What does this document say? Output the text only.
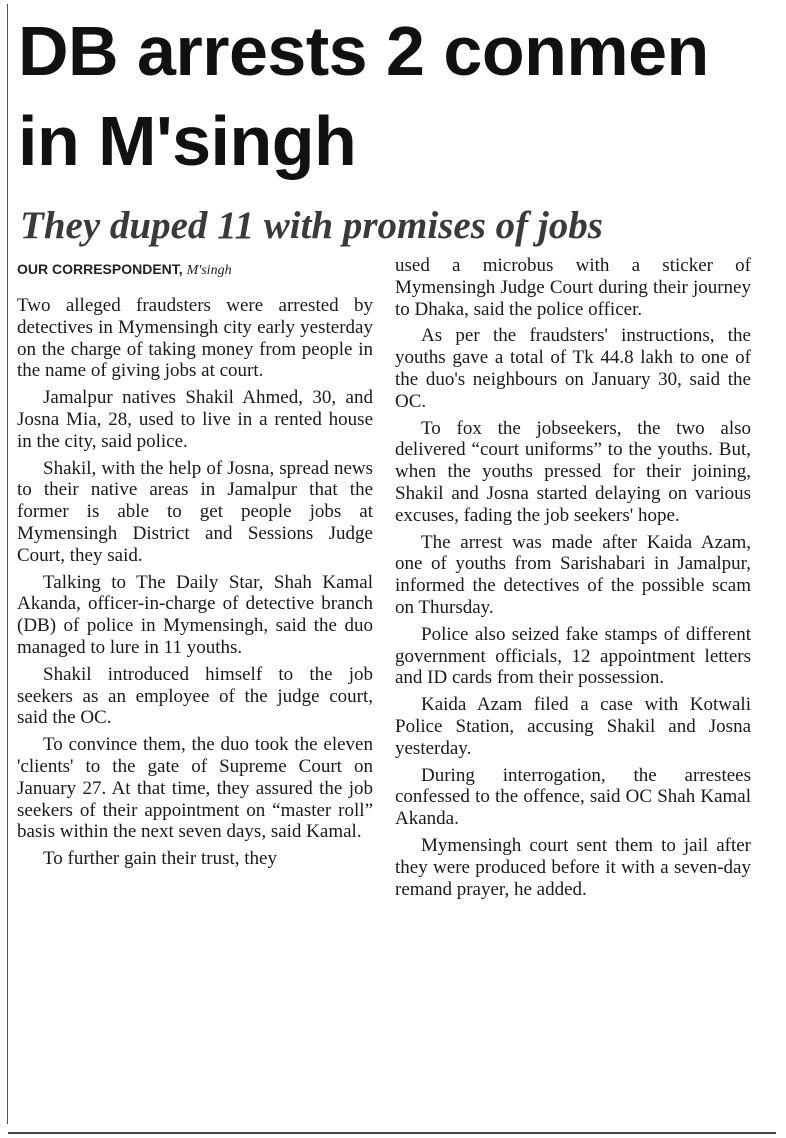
DB arrests 2 conmen in M'singh
They duped 11 with promises of jobs
OUR CORRESPONDENT, M'singh

Two alleged fraudsters were arrested by detectives in Mymensingh city early yesterday on the charge of taking money from people in the name of giving jobs at court.

Jamalpur natives Shakil Ahmed, 30, and Josna Mia, 28, used to live in a rented house in the city, said police.

Shakil, with the help of Josna, spread news to their native areas in Jamalpur that the former is able to get people jobs at Mymensingh District and Sessions Judge Court, they said.

Talking to The Daily Star, Shah Kamal Akanda, officer-in-charge of detective branch (DB) of police in Mymensingh, said the duo managed to lure in 11 youths.

Shakil introduced himself to the job seekers as an employee of the judge court, said the OC.

To convince them, the duo took the eleven 'clients' to the gate of Supreme Court on January 27. At that time, they assured the job seekers of their appointment on “master roll” basis within the next seven days, said Kamal.

To further gain their trust, they

used a microbus with a sticker of Mymensingh Judge Court during their journey to Dhaka, said the police officer.

As per the fraudsters' instructions, the youths gave a total of Tk 44.8 lakh to one of the duo's neighbours on January 30, said the OC.

To fox the jobseekers, the two also delivered “court uniforms” to the youths. But, when the youths pressed for their joining, Shakil and Josna started delaying on various excuses, fading the job seekers' hope.

The arrest was made after Kaida Azam, one of youths from Sarishabari in Jamalpur, informed the detectives of the possible scam on Thursday.

Police also seized fake stamps of different government officials, 12 appointment letters and ID cards from their possession.

Kaida Azam filed a case with Kotwali Police Station, accusing Shakil and Josna yesterday.

During interrogation, the arrestees confessed to the offence, said OC Shah Kamal Akanda.

Mymensingh court sent them to jail after they were produced before it with a seven-day remand prayer, he added.
